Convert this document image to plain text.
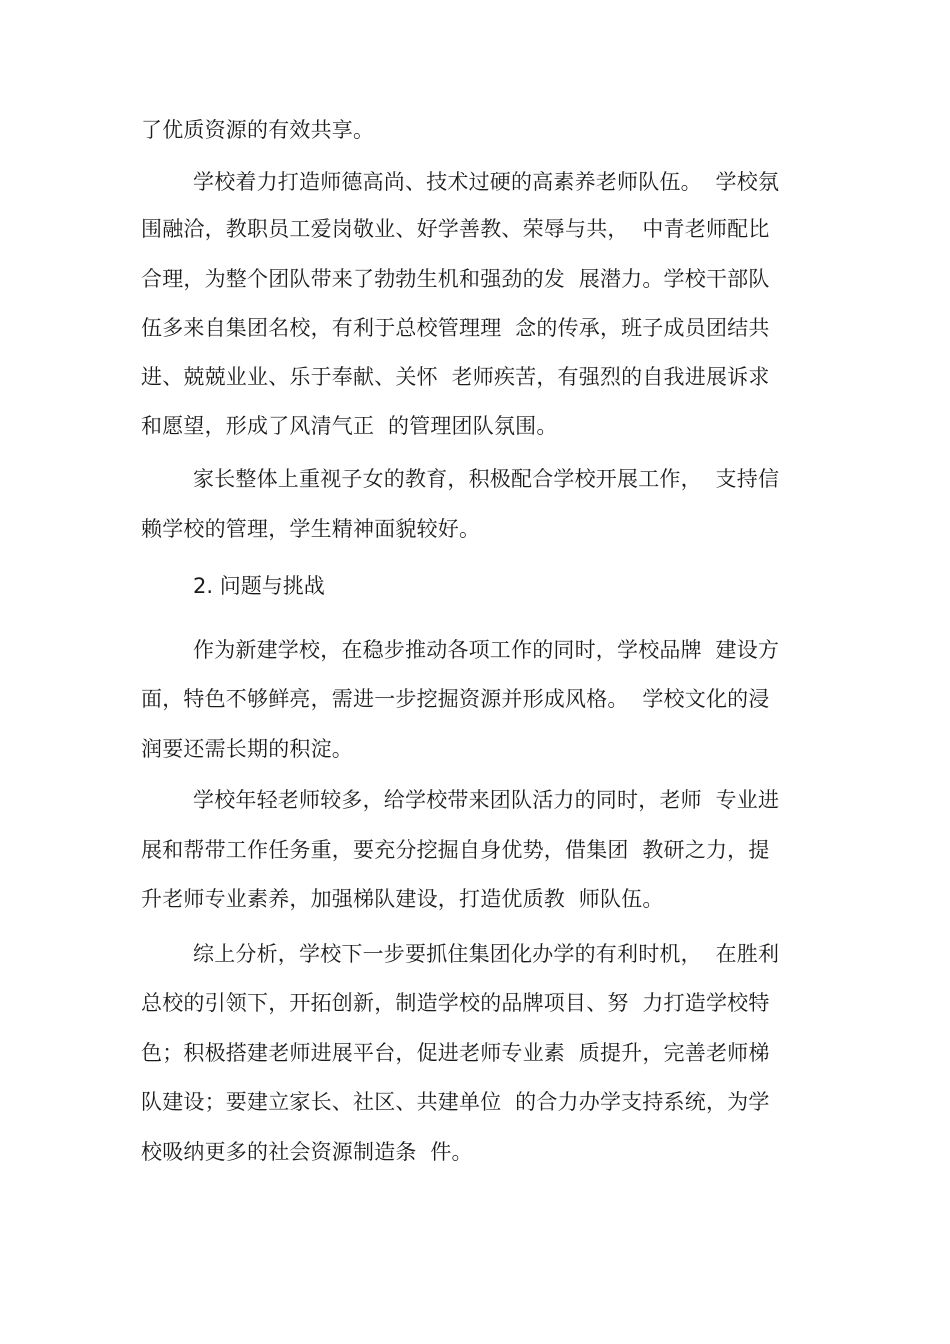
了优质资源的有效共享。
学校着力打造师德高尚、技术过硬的高素养老师队伍。  学校氛
围融洽，教职员工爱岗敬业、好学善教、荣辱与共，  中青老师配比
合理，为整个团队带来了勃勃生机和强劲的发  展潜力。学校干部队
伍多来自集团名校，有利于总校管理理  念的传承，班子成员团结共
进、兢兢业业、乐于奉献、关怀  老师疾苦，有强烈的自我进展诉求
和愿望，形成了风清气正  的管理团队氛围。
家长整体上重视子女的教育，积极配合学校开展工作，  支持信
赖学校的管理，学生精神面貌较好。
2. 问题与挑战
作为新建学校，在稳步推动各项工作的同时，学校品牌  建设方
面，特色不够鲜亮，需进一步挖掘资源并形成风格。  学校文化的浸
润要还需长期的积淀。
学校年轻老师较多，给学校带来团队活力的同时，老师  专业进
展和帮带工作任务重，要充分挖掘自身优势，借集团  教研之力，提
升老师专业素养，加强梯队建设，打造优质教  师队伍。
综上分析，学校下一步要抓住集团化办学的有利时机，  在胜利
总校的引领下，开拓创新，制造学校的品牌项目、努  力打造学校特
色；积极搭建老师进展平台，促进老师专业素  质提升，完善老师梯
队建设；要建立家长、社区、共建单位  的合力办学支持系统，为学
校吸纳更多的社会资源制造条  件。
